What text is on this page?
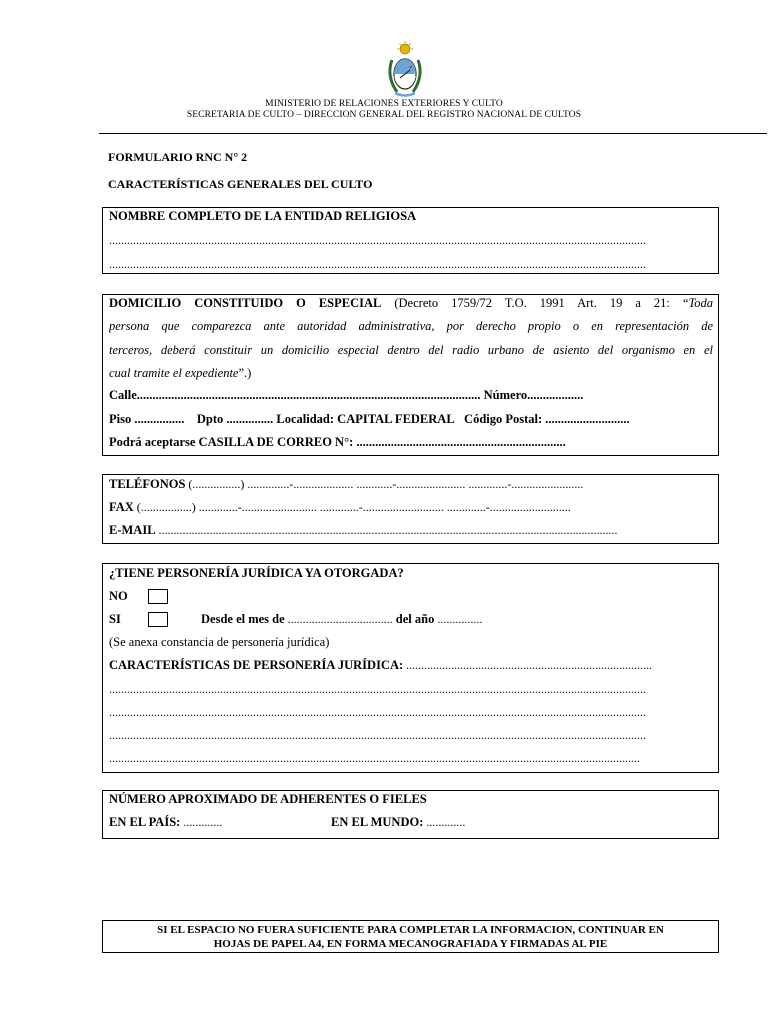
MINISTERIO DE RELACIONES EXTERIORES Y CULTO
SECRETARIA DE CULTO – DIRECCION GENERAL DEL REGISTRO NACIONAL DE CULTOS
FORMULARIO RNC N° 2
CARACTERÍSTICAS GENERALES DEL CULTO
NOMBRE COMPLETO DE LA ENTIDAD RELIGIOSA
...................................................................................................................................................................................
...................................................................................................................................................................................
DOMICILIO CONSTITUIDO O ESPECIAL (Decreto 1759/72 T.O. 1991 Art. 19 a 21: “Toda
persona que comparezca ante autoridad administrativa, por derecho propio o en representación de
terceros, deberá constituir un domicilio especial dentro del radio urbano de asiento del organismo en el
cual tramite el expediente”.)
Calle.............................................................................................................. Número..................
Piso ................ Dpto ............... Localidad: CAPITAL FEDERAL Código Postal: ...........................
Podrá aceptarse CASILLA DE CORREO N°: ...................................................................
TELÉFONOS (................) ..............-.................... ............-....................... .............-........................
FAX (.................) .............-......................... .............-........................... .............-...........................
E-MAIL .........................................................................................................................................................
¿TIENE PERSONERÍA JURÍDICA YA OTORGADA?
NO
SI	Desde el mes de ................................... del año ...............
(Se anexa constancia de personería jurídica)
CARACTERÍSTICAS DE PERSONERÍA JURÍDICA: ..................................................................................
...................................................................................................................................................................................
...................................................................................................................................................................................
...................................................................................................................................................................................
.................................................................................................................................................................................
NÚMERO APROXIMADO DE ADHERENTES O FIELES
EN EL PAÍS: .............	EN EL MUNDO: .............
SI EL ESPACIO NO FUERA SUFICIENTE PARA COMPLETAR LA INFORMACION, CONTINUAR EN
HOJAS DE PAPEL A4, EN FORMA MECANOGRAFIADA Y FIRMADAS AL PIE
